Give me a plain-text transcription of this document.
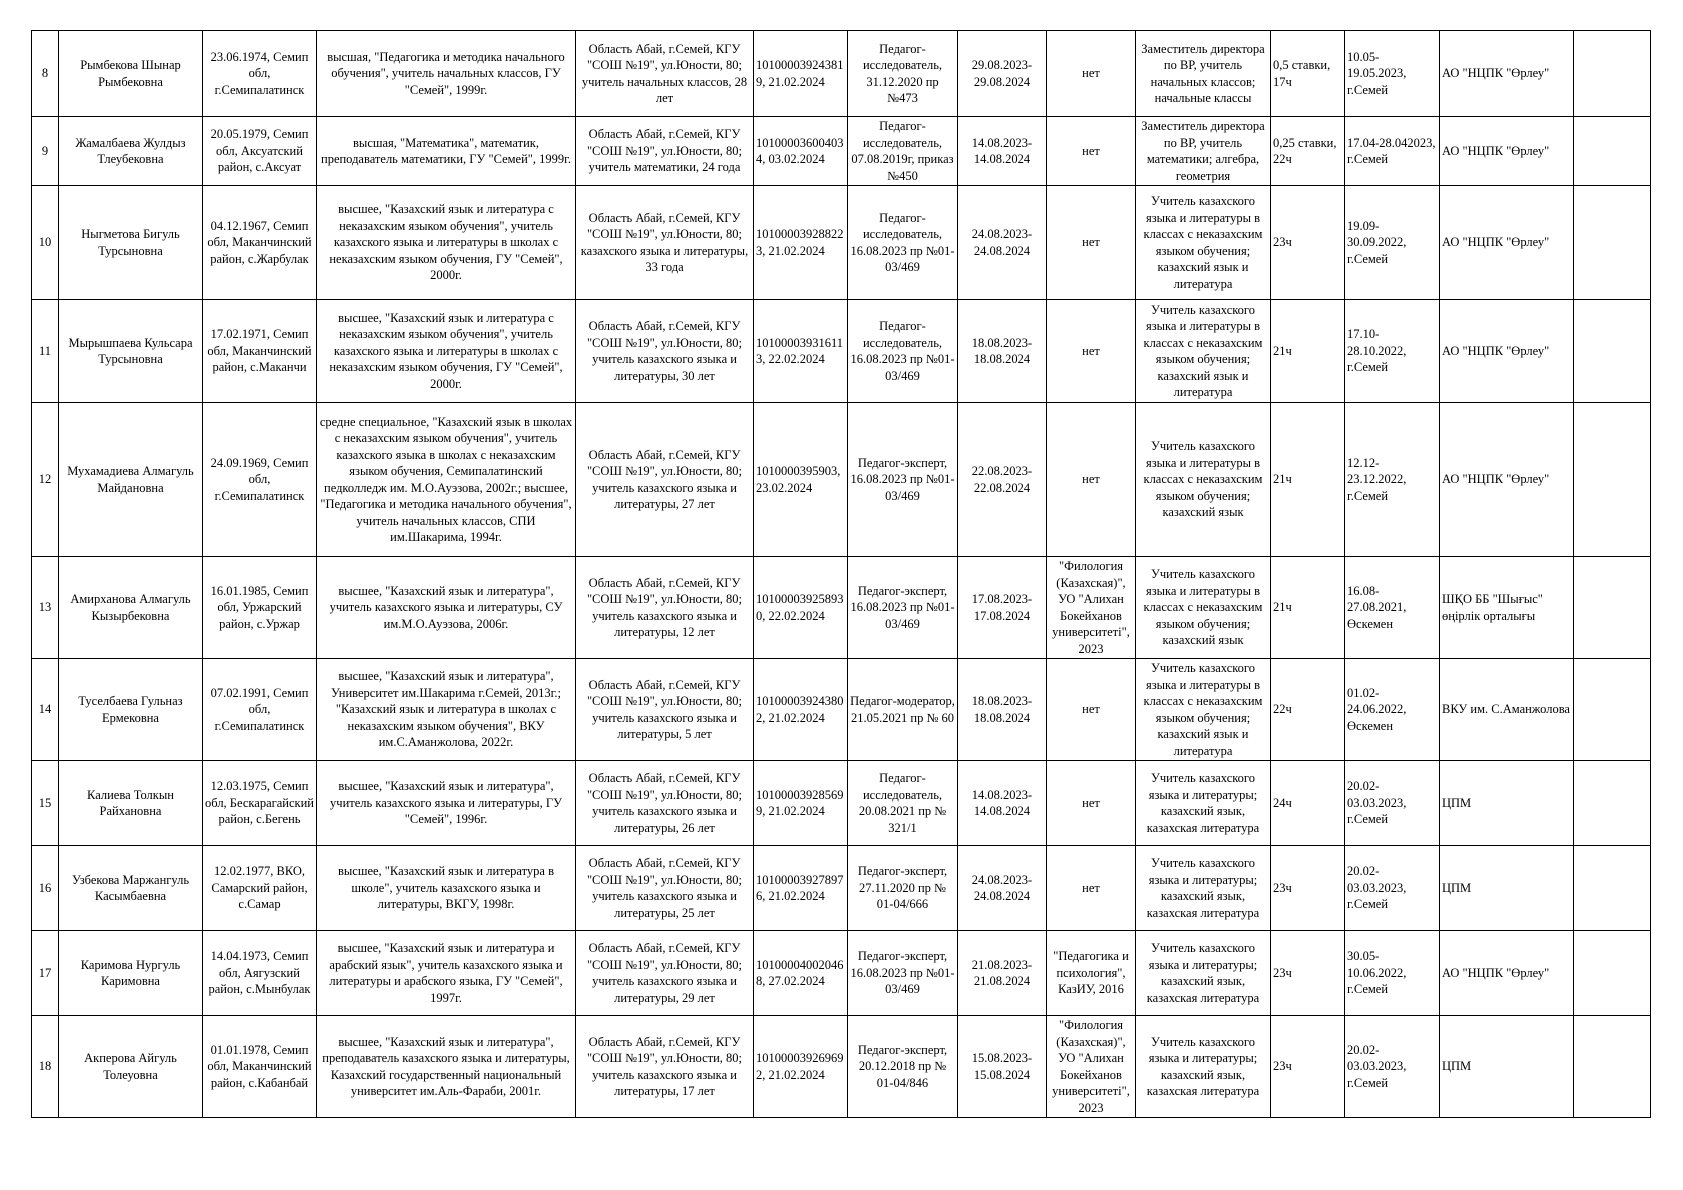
8	Рымбекова Шынар Рымбековна	23.06.1974, Семип обл, г.Семипалатинск	высшая, "Педагогика и методика начального обучения", учитель начальных классов, ГУ "Семей", 1999г.	Область Абай, г.Семей, КГУ "СОШ №19", ул.Юности, 80; учитель начальных классов, 28 лет	101000039243819, 21.02.2024	Педагог-исследователь, 31.12.2020 пр №473	29.08.2023-29.08.2024	нет	Заместитель директора по ВР, учитель начальных классов; начальные классы	0,5 ставки, 17ч	10.05-19.05.2023, г.Семей	АО "НЦПК "Өрлеу"	
9	Жамалбаева Жулдыз Тлеубековна	20.05.1979, Семип обл, Аксуатский район, с.Аксуат	высшая, "Математика", математик, преподаватель математики, ГУ "Семей", 1999г.	Область Абай, г.Семей, КГУ "СОШ №19", ул.Юности, 80; учитель математики, 24 года	101000036004034, 03.02.2024	Педагог-исследователь, 07.08.2019г, приказ №450	14.08.2023-14.08.2024	нет	Заместитель директора по ВР, учитель математики; алгебра, геометрия	0,25 ставки, 22ч	17.04-28.042023, г.Семей	АО "НЦПК "Өрлеу"	
10	Ныгметова Бигуль Турсыновна	04.12.1967, Семип обл, Маканчинский район, с.Жарбулак	высшее, "Казахский язык и литература с неказахским языком обучения", учитель казахского языка и литературы в школах с неказахским языком обучения, ГУ "Семей", 2000г.	Область Абай, г.Семей, КГУ "СОШ №19", ул.Юности, 80; казахского языка и литературы, 33 года	101000039288223, 21.02.2024	Педагог-исследователь, 16.08.2023 пр №01-03/469	24.08.2023-24.08.2024	нет	Учитель казахского языка и литературы в классах с неказахским языком обучения; казахский язык и литература	23ч	19.09-30.09.2022, г.Семей	АО "НЦПК "Өрлеу"	
11	Мырышпаева Кульсара Турсыновна	17.02.1971, Семип обл, Маканчинский район, с.Маканчи	высшее, "Казахский язык и литература с неказахским языком обучения", учитель казахского языка и литературы в школах с неказахским языком обучения, ГУ "Семей", 2000г.	Область Абай, г.Семей, КГУ "СОШ №19", ул.Юности, 80; учитель казахского языка и литературы, 30 лет	101000039316113, 22.02.2024	Педагог-исследователь, 16.08.2023 пр №01-03/469	18.08.2023-18.08.2024	нет	Учитель казахского языка и литературы в классах с неказахским языком обучения; казахский язык и литература	21ч	17.10-28.10.2022, г.Семей	АО "НЦПК "Өрлеу"	
12	Мухамадиева Алмагуль Майдановна	24.09.1969, Семип обл, г.Семипалатинск	средне специальное, "Казахский язык в школах с неказахским языком обучения", учитель казахского языка в школах с неказахским языком обучения, Семипалатинский педколледж им. М.О.Ауэзова, 2002г.; высшее, "Педагогика и методика начального обучения", учитель начальных классов, СПИ им.Шакарима, 1994г.	Область Абай, г.Семей, КГУ "СОШ №19", ул.Юности, 80; учитель казахского языка и литературы, 27 лет	1010000395903, 23.02.2024	Педагог-эксперт, 16.08.2023 пр №01-03/469	22.08.2023-22.08.2024	нет	Учитель казахского языка и литературы в классах с неказахским языком обучения; казахский язык	21ч	12.12-23.12.2022, г.Семей	АО "НЦПК "Өрлеу"	
13	Амирханова Алмагуль Кызырбековна	16.01.1985, Семип обл, Уржарский район, с.Уржар	высшее, "Казахский язык и литература", учитель казахского языка и литературы, СУ им.М.О.Ауэзова, 2006г.	Область Абай, г.Семей, КГУ "СОШ №19", ул.Юности, 80; учитель казахского языка и литературы, 12 лет	101000039258930, 22.02.2024	Педагог-эксперт, 16.08.2023 пр №01-03/469	17.08.2023-17.08.2024	"Филология (Казахская)", УО "Алихан Бокейханов университеті", 2023	Учитель казахского языка и литературы в классах с неказахским языком обучения; казахский язык	21ч	16.08-27.08.2021, Өскемен	ШҚО ББ "Шығыс" өңірлік орталығы	
14	Туселбаева Гульназ Ермековна	07.02.1991, Семип обл, г.Семипалатинск	высшее, "Казахский язык и литература", Университет им.Шакарима г.Семей, 2013г.; "Казахский язык и литература в школах с неказахским языком обучения", ВКУ им.С.Аманжолова, 2022г.	Область Абай, г.Семей, КГУ "СОШ №19", ул.Юности, 80; учитель казахского языка и литературы, 5 лет	101000039243802, 21.02.2024	Педагог-модератор, 21.05.2021 пр № 60	18.08.2023-18.08.2024	нет	Учитель казахского языка и литературы в классах с неказахским языком обучения; казахский язык и литература	22ч	01.02-24.06.2022, Өскемен	ВКУ им. С.Аманжолова	
15	Калиева Толкын Райхановна	12.03.1975, Семип обл, Бескарагайский район, с.Бегень	высшее, "Казахский язык и литература", учитель казахского языка и литературы, ГУ "Семей", 1996г.	Область Абай, г.Семей, КГУ "СОШ №19", ул.Юности, 80; учитель казахского языка и литературы, 26 лет	101000039285699, 21.02.2024	Педагог-исследователь, 20.08.2021 пр № 321/1	14.08.2023-14.08.2024	нет	Учитель казахского языка и литературы; казахский язык, казахская литература	24ч	20.02-03.03.2023, г.Семей	ЦПМ	
16	Узбекова Маржангуль Касымбаевна	12.02.1977, ВКО, Самарский район, с.Самар	высшее, "Казахский язык и литература в школе", учитель казахского языка и литературы, ВКГУ, 1998г.	Область Абай, г.Семей, КГУ "СОШ №19", ул.Юности, 80; учитель казахского языка и литературы, 25 лет	101000039278976, 21.02.2024	Педагог-эксперт, 27.11.2020 пр № 01-04/666	24.08.2023-24.08.2024	нет	Учитель казахского языка и литературы; казахский язык, казахская литература	23ч	20.02-03.03.2023, г.Семей	ЦПМ	
17	Каримова Нургуль Каримовна	14.04.1973, Семип обл, Аягузский район, с.Мынбулак	высшее, "Казахский язык и литература и арабский язык", учитель казахского языка и литературы и арабского языка, ГУ "Семей", 1997г.	Область Абай, г.Семей, КГУ "СОШ №19", ул.Юности, 80; учитель казахского языка и литературы, 29 лет	101000040020468, 27.02.2024	Педагог-эксперт, 16.08.2023 пр №01-03/469	21.08.2023-21.08.2024	"Педагогика и психология", КазИУ, 2016	Учитель казахского языка и литературы; казахский язык, казахская литература	23ч	30.05-10.06.2022, г.Семей	АО "НЦПК "Өрлеу"	
18	Акперова Айгуль Толеуовна	01.01.1978, Семип обл, Маканчинский район, с.Кабанбай	высшее, "Казахский язык и литература", преподаватель казахского языка и литературы, Казахский государственный национальный университет им.Аль-Фараби, 2001г.	Область Абай, г.Семей, КГУ "СОШ №19", ул.Юности, 80; учитель казахского языка и литературы, 17 лет	101000039269692, 21.02.2024	Педагог-эксперт, 20.12.2018 пр № 01-04/846	15.08.2023-15.08.2024	"Филология (Казахская)", УО "Алихан Бокейханов университеті", 2023	Учитель казахского языка и литературы; казахский язык, казахская литература	23ч	20.02-03.03.2023, г.Семей	ЦПМ	
